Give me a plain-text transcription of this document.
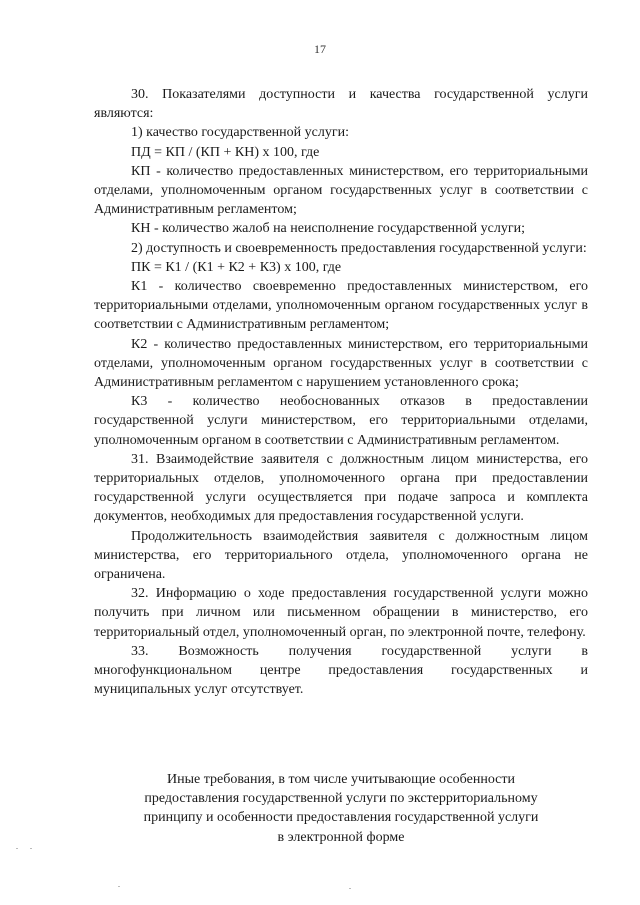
17

30. Показателями доступности и качества государственной услуги являются:

1) качество государственной услуги:

ПД = КП / (КП + КН) х 100, где

КП - количество предоставленных министерством, его территориальными отделами, уполномоченным органом государственных услуг в соответствии с Административным регламентом;

КН - количество жалоб на неисполнение государственной услуги;

2) доступность и своевременность предоставления государственной услуги:

ПК = К1 / (К1 + К2 + К3) х 100, где

К1 - количество своевременно предоставленных министерством, его территориальными отделами, уполномоченным органом государственных услуг в соответствии с Административным регламентом;

К2 - количество предоставленных министерством, его территориальными отделами, уполномоченным органом государственных услуг в соответствии с Административным регламентом с нарушением установленного срока;

К3 - количество необоснованных отказов в предоставлении государственной услуги министерством, его территориальными отделами, уполномоченным органом в соответствии с Административным регламентом.

31. Взаимодействие заявителя с должностным лицом министерства, его территориальных отделов, уполномоченного органа при предоставлении государственной услуги осуществляется при подаче запроса и комплекта документов, необходимых для предоставления государственной услуги.

Продолжительность взаимодействия заявителя с должностным лицом министерства, его территориального отдела, уполномоченного органа не ограничена.

32. Информацию о ходе предоставления государственной услуги можно получить при личном или письменном обращении в министерство, его территориальный отдел, уполномоченный орган, по электронной почте, телефону.

33. Возможность получения государственной услуги в многофункциональном центре предоставления государственных и муниципальных услуг отсутствует.

Иные требования, в том числе учитывающие особенности
предоставления государственной услуги по экстерриториальному
принципу и особенности предоставления государственной услуги
в электронной форме
